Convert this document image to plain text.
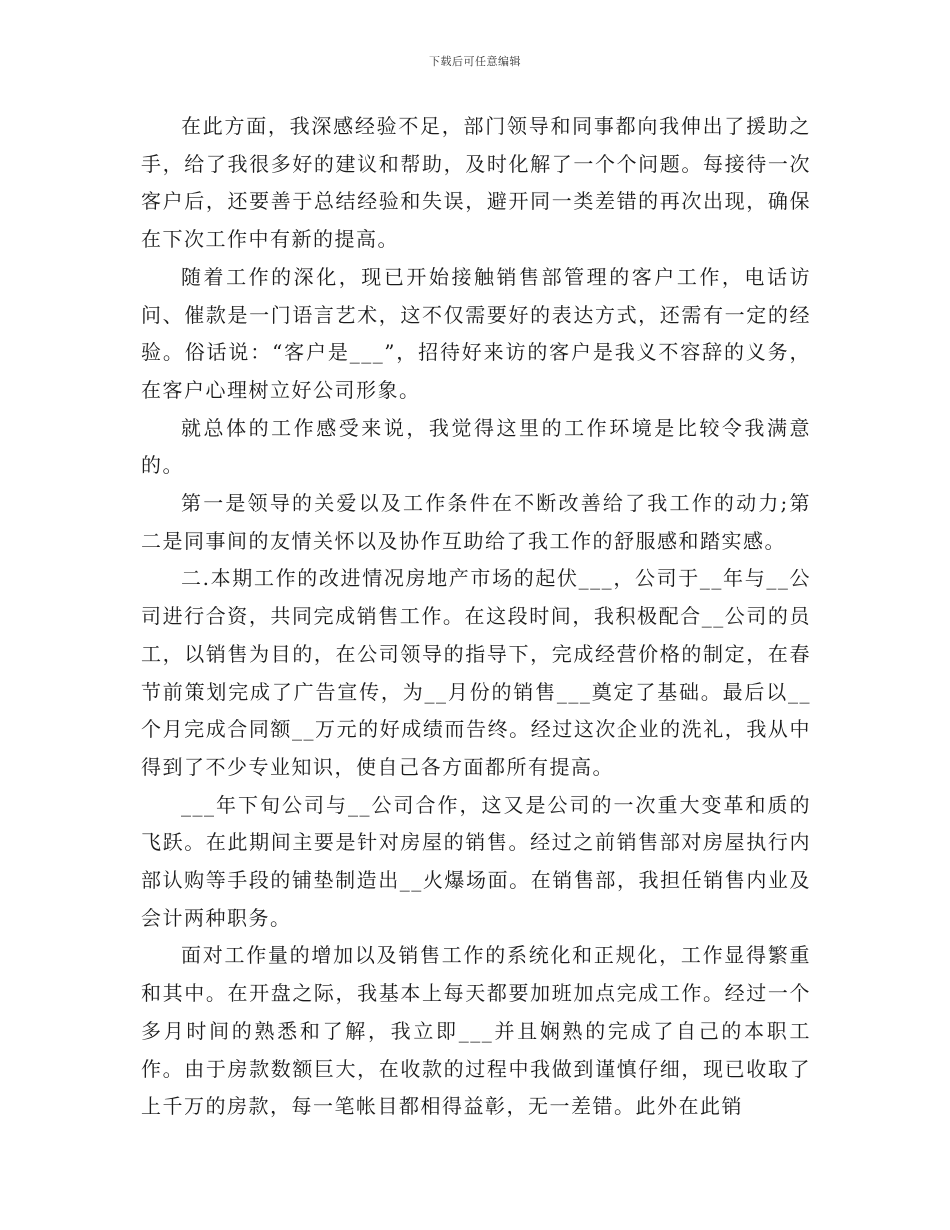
下载后可任意编辑

在此方面，我深感经验不足，部门领导和同事都向我伸出了援助之手，给了我很多好的建议和帮助，及时化解了一个个问题。每接待一次客户后，还要善于总结经验和失误，避开同一类差错的再次出现，确保在下次工作中有新的提高。

随着工作的深化，现已开始接触销售部管理的客户工作，电话访问、催款是一门语言艺术，这不仅需要好的表达方式，还需有一定的经验。俗话说：“客户是___”，招待好来访的客户是我义不容辞的义务，在客户心理树立好公司形象。

就总体的工作感受来说，我觉得这里的工作环境是比较令我满意的。

第一是领导的关爱以及工作条件在不断改善给了我工作的动力;第二是同事间的友情关怀以及协作互助给了我工作的舒服感和踏实感。

二.本期工作的改进情况房地产市场的起伏___，公司于__年与__公司进行合资，共同完成销售工作。在这段时间，我积极配合__公司的员工，以销售为目的，在公司领导的指导下，完成经营价格的制定，在春节前策划完成了广告宣传，为__月份的销售___奠定了基础。最后以__个月完成合同额__万元的好成绩而告终。经过这次企业的洗礼，我从中得到了不少专业知识，使自己各方面都所有提高。

___年下旬公司与__公司合作，这又是公司的一次重大变革和质的飞跃。在此期间主要是针对房屋的销售。经过之前销售部对房屋执行内部认购等手段的铺垫制造出__火爆场面。在销售部，我担任销售内业及会计两种职务。

面对工作量的增加以及销售工作的系统化和正规化，工作显得繁重和其中。在开盘之际，我基本上每天都要加班加点完成工作。经过一个多月时间的熟悉和了解，我立即___并且娴熟的完成了自己的本职工作。由于房款数额巨大，在收款的过程中我做到谨慎仔细，现已收取了上千万的房款，每一笔帐目都相得益彰，无一差错。此外在此销
